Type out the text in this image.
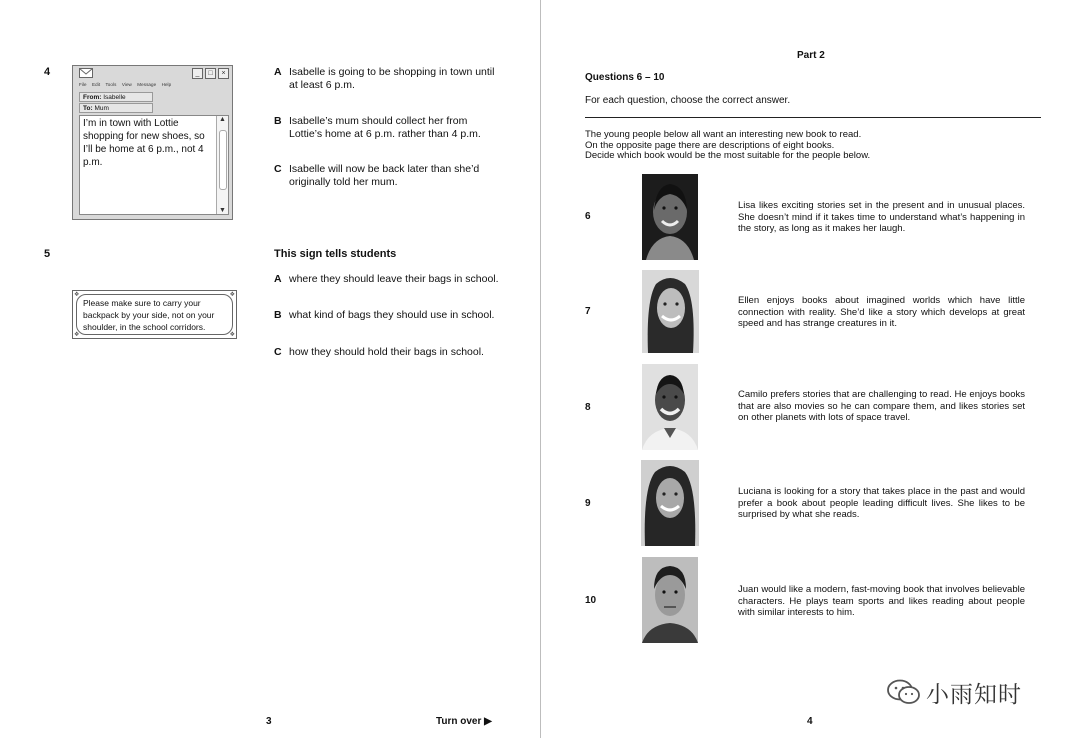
4	_	□	×
File Edit Tools View Message Help
From: Isabelle
To: Mum
I’m in town with Lottie shopping for new shoes, so I’ll be home at 6 p.m., not 4 p.m.
▲
▼
A Isabelle is going to be shopping in town until at least 6 p.m.
B Isabelle’s mum should collect her from Lottie’s home at 6 p.m. rather than 4 p.m.
C Isabelle will now be back later than she’d originally told her mum.
5
Please make sure to carry your backpack by your side, not on your shoulder, in the school corridors.
❖	❖
❖	❖
This sign tells students
A where they should leave their bags in school.
B what kind of bags they should use in school.
C how they should hold their bags in school.
3	Turn over ▶
Part 2
Questions 6 – 10
For each question, choose the correct answer.
The young people below all want an interesting new book to read.
On the opposite page there are descriptions of eight books.
Decide which book would be the most suitable for the people below.
6
Lisa likes exciting stories set in the present and in unusual places. She doesn’t mind if it takes time to understand what’s happening in the story, as long as it makes her laugh.
7
Ellen enjoys books about imagined worlds which have little connection with reality. She’d like a story which develops at great speed and has strange creatures in it.
8
Camilo prefers stories that are challenging to read. He enjoys books that are also movies so he can compare them, and likes stories set on other planets with lots of space travel.
9
Luciana is looking for a story that takes place in the past and would prefer a book about people leading difficult lives. She likes to be surprised by what she reads.
10
Juan would like a modern, fast-moving book that involves believable characters. He plays team sports and likes reading about people with similar interests to him.
4
小雨知时
